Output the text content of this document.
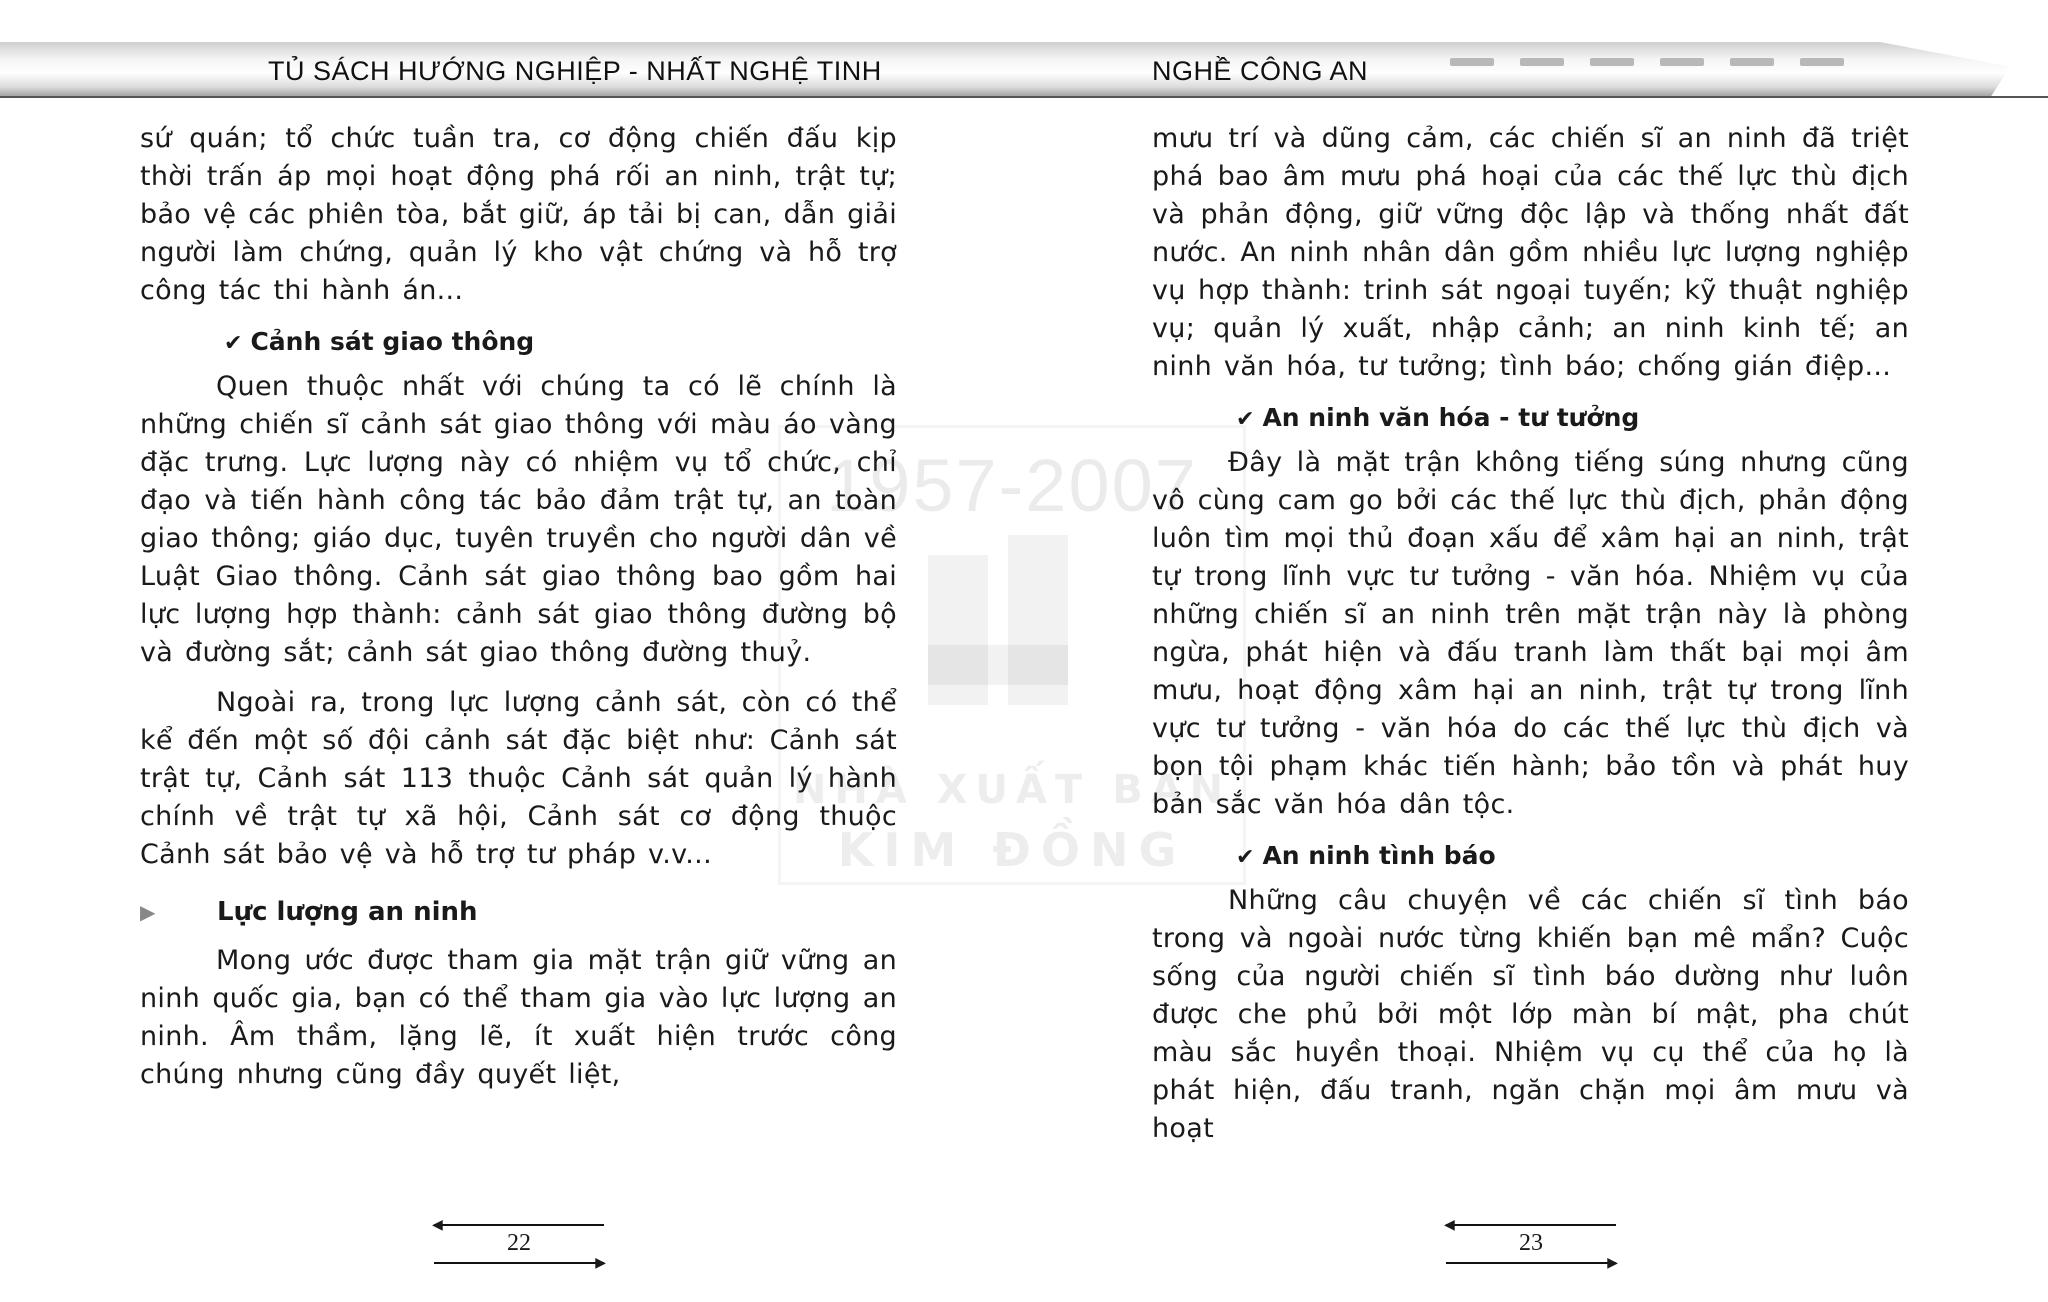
TỦ SÁCH HƯỚNG NGHIỆP - NHẤT NGHỆ TINH	NGHỀ CÔNG AN
1957-2007
NHÀ XUẤT BẢN
KIM ĐỒNG

sứ quán; tổ chức tuần tra, cơ động chiến đấu kịp thời trấn áp mọi hoạt động phá rối an ninh, trật tự; bảo vệ các phiên tòa, bắt giữ, áp tải bị can, dẫn giải người làm chứng, quản lý kho vật chứng và hỗ trợ công tác thi hành án...

✔ Cảnh sát giao thông

Quen thuộc nhất với chúng ta có lẽ chính là những chiến sĩ cảnh sát giao thông với màu áo vàng đặc trưng. Lực lượng này có nhiệm vụ tổ chức, chỉ đạo và tiến hành công tác bảo đảm trật tự, an toàn giao thông; giáo dục, tuyên truyền cho người dân về Luật Giao thông. Cảnh sát giao thông bao gồm hai lực lượng hợp thành: cảnh sát giao thông đường bộ và đường sắt; cảnh sát giao thông đường thuỷ.

Ngoài ra, trong lực lượng cảnh sát, còn có thể kể đến một số đội cảnh sát đặc biệt như: Cảnh sát trật tự, Cảnh sát 113 thuộc Cảnh sát quản lý hành chính về trật tự xã hội, Cảnh sát cơ động thuộc Cảnh sát bảo vệ và hỗ trợ tư pháp v.v...

▶ Lực lượng an ninh

Mong ước được tham gia mặt trận giữ vững an ninh quốc gia, bạn có thể tham gia vào lực lượng an ninh. Âm thầm, lặng lẽ, ít xuất hiện trước công chúng nhưng cũng đầy quyết liệt,

mưu trí và dũng cảm, các chiến sĩ an ninh đã triệt phá bao âm mưu phá hoại của các thế lực thù địch và phản động, giữ vững độc lập và thống nhất đất nước. An ninh nhân dân gồm nhiều lực lượng nghiệp vụ hợp thành: trinh sát ngoại tuyến; kỹ thuật nghiệp vụ; quản lý xuất, nhập cảnh; an ninh kinh tế; an ninh văn hóa, tư tưởng; tình báo; chống gián điệp...

✔ An ninh văn hóa - tư tưởng

Đây là mặt trận không tiếng súng nhưng cũng vô cùng cam go bởi các thế lực thù địch, phản động luôn tìm mọi thủ đoạn xấu để xâm hại an ninh, trật tự trong lĩnh vực tư tưởng - văn hóa. Nhiệm vụ của những chiến sĩ an ninh trên mặt trận này là phòng ngừa, phát hiện và đấu tranh làm thất bại mọi âm mưu, hoạt động xâm hại an ninh, trật tự trong lĩnh vực tư tưởng - văn hóa do các thế lực thù địch và bọn tội phạm khác tiến hành; bảo tồn và phát huy bản sắc văn hóa dân tộc.

✔ An ninh tình báo

Những câu chuyện về các chiến sĩ tình báo trong và ngoài nước từng khiến bạn mê mẩn? Cuộc sống của người chiến sĩ tình báo dường như luôn được che phủ bởi một lớp màn bí mật, pha chút màu sắc huyền thoại. Nhiệm vụ cụ thể của họ là phát hiện, đấu tranh, ngăn chặn mọi âm mưu và hoạt

◀
22
▶
◀
23
▶
